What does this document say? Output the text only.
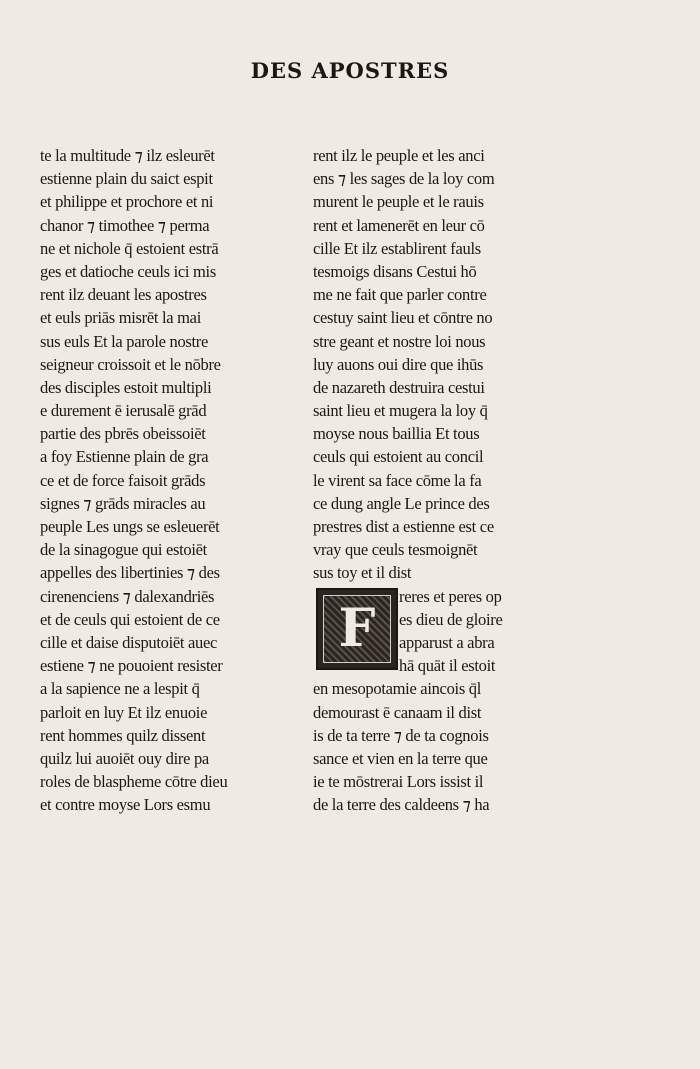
DES APOSTRES
te la multitude ⁊ ilz esleurēt
estienne plain du saict espit
et philippe et prochore et ni
chanor ⁊ timothee ⁊ perma
ne et nichole q̄ estoient estrā
ges et datioche ceuls ici mis
rent ilz deuant les apostres
et euls priās misrēt la mai
sus euls Et la parole nostre
seigneur croissoit et le nōbre
des disciples estoit multipli
e durement ē ierusalē grād
partie des pbrēs obeissoiēt
a foy Estienne plain de gra
ce et de force faisoit grāds
signes ⁊ grāds miracles au
peuple Les ungs se esleuerēt
de la sinagogue qui estoiēt
appelles des libertinies ⁊ des
cirenenciens ⁊ dalexandriēs
et de ceuls qui estoient de ce
cille et daise disputoiēt auec
estiene ⁊ ne pouoient resister
a la sapience ne a lespit q̄
parloit en luy Et ilz enuoie
rent hommes quilz dissent
quilz lui auoiēt ouy dire pa
roles de blaspheme cōtre dieu
et contre moyse Lors esmu
rent ilz le peuple et les anci
ens ⁊ les sages de la loy com
murent le peuple et le rauis
rent et lamenerēt en leur cō
cille Et ilz establirent fauls
tesmoigs disans Cestui hō
me ne fait que parler contre
cestuy saint lieu et cōntre no
stre geant et nostre loi nous
luy auons oui dire que ihūs
de nazareth destruira cestui
saint lieu et mugera la loy q̄
moyse nous baillia Et tous
ceuls qui estoient au concil
le virent sa face cōme la fa
ce dung angle Le prince des
prestres dist a estienne est ce
vray que ceuls tesmoignēt
sus toy et il dist
F
reres et peres op
es dieu de gloire
apparust a abra
hā quāt il estoit
en mesopotamie aincois q̄l
demourast ē canaam il dist
is de ta terre ⁊ de ta cognois
sance et vien en la terre que
ie te mōstrerai Lors issist il
de la terre des caldeens ⁊ ha
